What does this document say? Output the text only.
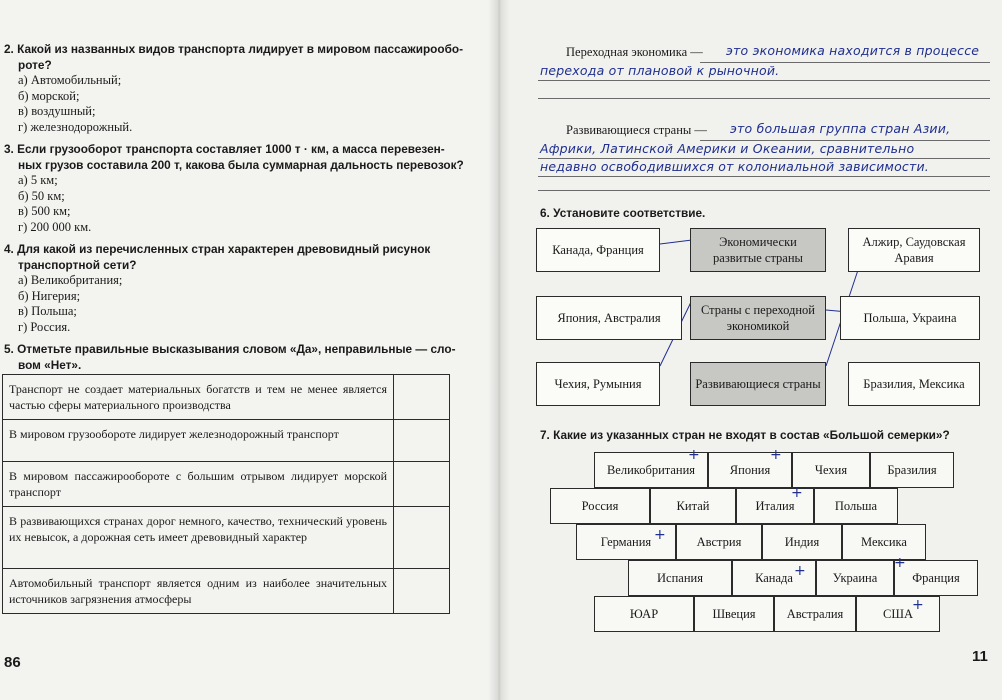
2. Какой из названных видов транспорта лидирует в мировом пассажирообо-
роте?
а) Автомобильный;
б) морской;
в) воздушный;
г) железнодорожный.
3. Если грузооборот транспорта составляет 1000 т · км, а масса перевезен-
ных грузов составила 200 т, какова была суммарная дальность перевозок?
а) 5 км;
б) 50 км;
в) 500 км;
г) 200 000 км.
4. Для какой из перечисленных стран характерен древовидный рисунок
транспортной сети?
а) Великобритания;
б) Нигерия;
в) Польша;
г) Россия.
5. Отметьте правильные высказывания словом «Да», неправильные — сло-
вом «Нет».
Транспорт не создает материальных богатств и тем не менее является частью сферы материального производства	
В мировом грузообороте лидирует железнодорожный транспорт	
В мировом пассажирообороте с большим отрывом лидирует морской транспорт	
В развивающихся странах дорог немного, качество, технический уровень их невысок, а дорожная сеть имеет древовидный характер	
Автомобильный транспорт является одним из наиболее значительных источников загрязнения атмосферы	
86
Переходная экономика — это экономика находится в процессе
перехода от плановой к рыночной.
Развивающиеся страны — это большая группа стран Азии,
Африки, Латинской Америки и Океании, сравнительно
недавно освободившихся от колониальной зависимости.
6. Установите соответствие.
Канада, Франция
Япония, Австралия
Чехия, Румыния
Экономически развитые страны
Страны с переходной экономикой
Развивающиеся страны
Алжир, Саудовская Аравия
Польша, Украина
Бразилия, Мексика
7. Какие из указанных стран не входят в состав «Большой семерки»?
Великобритания	Япония	Чехия	Бразилия
Россия	Китай	Италия	Польша
Германия	Австрия	Индия	Мексика
Испания	Канада	Украина	Франция
ЮАР	Швеция	Австралия	США
+	+
+
+
+	+
+
11
